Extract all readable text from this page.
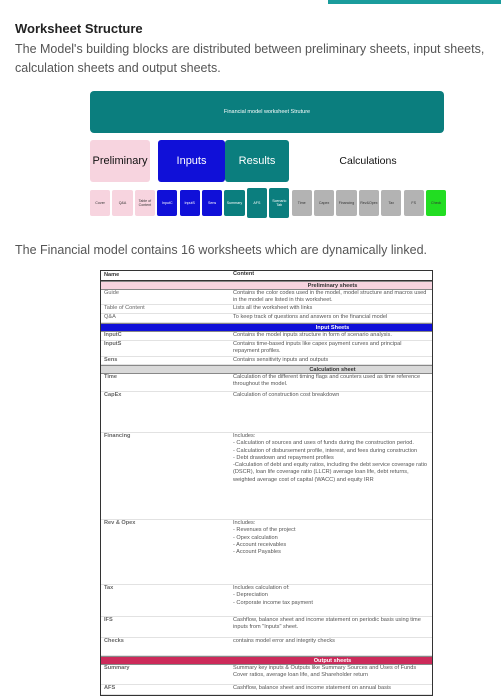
Worksheet Structure
The Model's building blocks are distributed between preliminary sheets, input sheets, calculation sheets and output sheets.
Financial model worksheet Struture
Preliminary	Inputs	Results	Calculations
Cover	Q&A	Table of Content	InputC	InputS	Sens	Summary	AFS	Scenario Tab	Time	Capex	Financing	Rev&Opex	Tax	FS	Check
The Financial model contains 16 worksheets which are dynamically linked.
Name	Content
Preliminary sheets
Guide	Contains the color codes used in the model, model structure and macros used in the model are listed in this worksheet.
Table of Content	Lists all the worksheet with links
Q&A	To keep track of questions and answers on the financial model
Input Sheets
InputC	Contains the model inputs structure in form of scenario analysis.
InputS	Contains time-based inputs like capex payment curves and principal repayment profiles.
Sens	Contains sensitivity inputs and outputs
Calculation sheet
Time	Calculation of the different timing flags and counters used as time reference throughout the model.
CapEx	Calculation of construction cost breakdown
Financing	Includes:
- Calculation of sources and uses of funds during the construction period.
- Calculation of disbursement profile, interest, and fees during construction
- Debt drawdown and repayment profiles
-Calculation of debt and equity ratios, including the debt service coverage ratio (DSCR), loan life coverage ratio (LLCR) average loan life, debt returns, weighted average cost of capital (WACC) and equity IRR
Rev & Opex	Includes:
- Revenues of the project
- Opex calculation
- Account receivables
- Account Payables
Tax	Includes calculation of:
- Depreciation
- Corporate income tax payment
IFS	Cashflow, balance sheet and income statement on periodic basis using time inputs from "Inputs" sheet.
Checks	contains model error and integrity checks
Output sheets
Summary	Summary key inputs & Outputs like Summary Sources and Uses of Funds Cover ratios, average loan life, and Shareholder return
AFS	Cashflow, balance sheet and income statement on annual basis
